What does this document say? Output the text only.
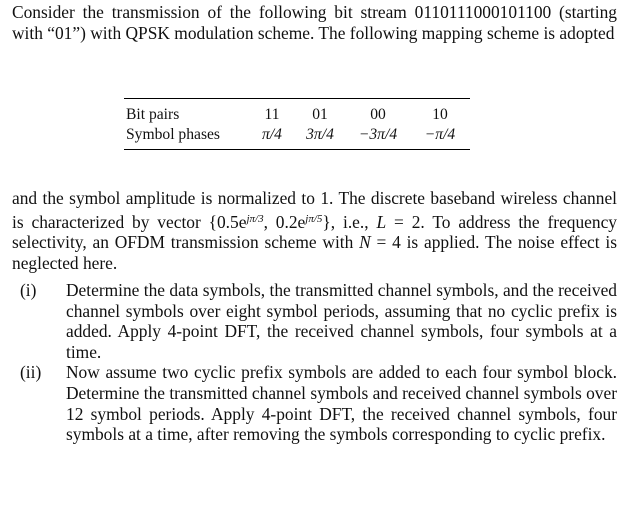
Consider the transmission of the following bit stream 0110111000101100 (starting with “01”) with QPSK modulation scheme. The following mapping scheme is adopted

Bit pairs	11	01	00	10
Symbol phases	π/4	3π/4	−3π/4	−π/4

and the symbol amplitude is normalized to 1. The discrete baseband wireless channel is characterized by vector {$0.5e^{j\pi/3}$, $0.2e^{j\pi/5}$}, i.e., L = 2. To address the frequency selectivity, an OFDM transmission scheme with N = 4 is applied. The noise effect is neglected here.

(i) Determine the data symbols, the transmitted channel symbols, and the received channel symbols over eight symbol periods, assuming that no cyclic prefix is added. Apply 4-point DFT, the received channel symbols, four symbols at a time.
(ii) Now assume two cyclic prefix symbols are added to each four symbol block. Determine the transmitted channel symbols and received channel symbols over 12 symbol periods. Apply 4-point DFT, the received channel symbols, four symbols at a time, after removing the symbols corresponding to cyclic prefix.
